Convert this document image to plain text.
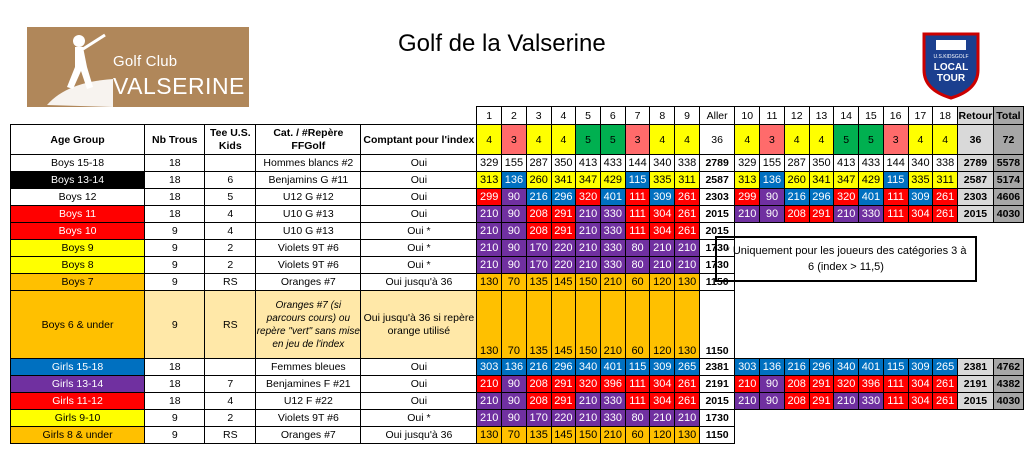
Golf Club
VALSERINE
Golf de la Valserine	U.S.KIDSGOLF
LOCAL
TOUR
					1	2	3	4	5	6	7	8	9	Aller	10	11	12	13	14	15	16	17	18	Retour	Total
Age Group	Nb Trous	Tee U.S. Kids	Cat. / #Repère FFGolf	Comptant pour l'index	4	3	4	4	5	5	3	4	4	36	4	3	4	4	5	5	3	4	4	36	72
Boys 15-18	18		Hommes blancs #2	Oui	329	155	287	350	413	433	144	340	338	2789	329	155	287	350	413	433	144	340	338	2789	5578
Boys 13-14	18	6	Benjamins G #11	Oui	313	136	260	341	347	429	115	335	311	2587	313	136	260	341	347	429	115	335	311	2587	5174
Boys 12	18	5	U12 G #12	Oui	299	90	216	296	320	401	111	309	261	2303	299	90	216	296	320	401	111	309	261	2303	4606
Boys 11	18	4	U10 G #13	Oui	210	90	208	291	210	330	111	304	261	2015	210	90	208	291	210	330	111	304	261	2015	4030
Boys 10	9	4	U10 G #13	Oui *	210	90	208	291	210	330	111	304	261	2015											
Boys 9	9	2	Violets 9T #6	Oui *	210	90	170	220	210	330	80	210	210	1730											
Boys 8	9	2	Violets 9T #6	Oui *	210	90	170	220	210	330	80	210	210	1730											
Boys 7	9	RS	Oranges #7	Oui jusqu'à 36	130	70	135	145	150	210	60	120	130	1150											
Boys 6 & under	9	RS	Oranges #7 (si parcours cours) ou repère "vert" sans mise en jeu de l'index	Oui jusqu'à 36 si repère orange utilisé	130	70	135	145	150	210	60	120	130	1150											
Girls 15-18	18		Femmes bleues	Oui	303	136	216	296	340	401	115	309	265	2381	303	136	216	296	340	401	115	309	265	2381	4762
Girls 13-14	18	7	Benjamines F #21	Oui	210	90	208	291	320	396	111	304	261	2191	210	90	208	291	320	396	111	304	261	2191	4382
Girls 11-12	18	4	U12 F #22	Oui	210	90	208	291	210	330	111	304	261	2015	210	90	208	291	210	330	111	304	261	2015	4030
Girls 9-10	9	2	Violets 9T #6	Oui *	210	90	170	220	210	330	80	210	210	1730											
Girls 8 & under	9	RS	Oranges #7	Oui jusqu'à 36	130	70	135	145	150	210	60	120	130	1150											
* Uniquement pour les joueurs des catégories 3 à 6 (index > 11,5)
